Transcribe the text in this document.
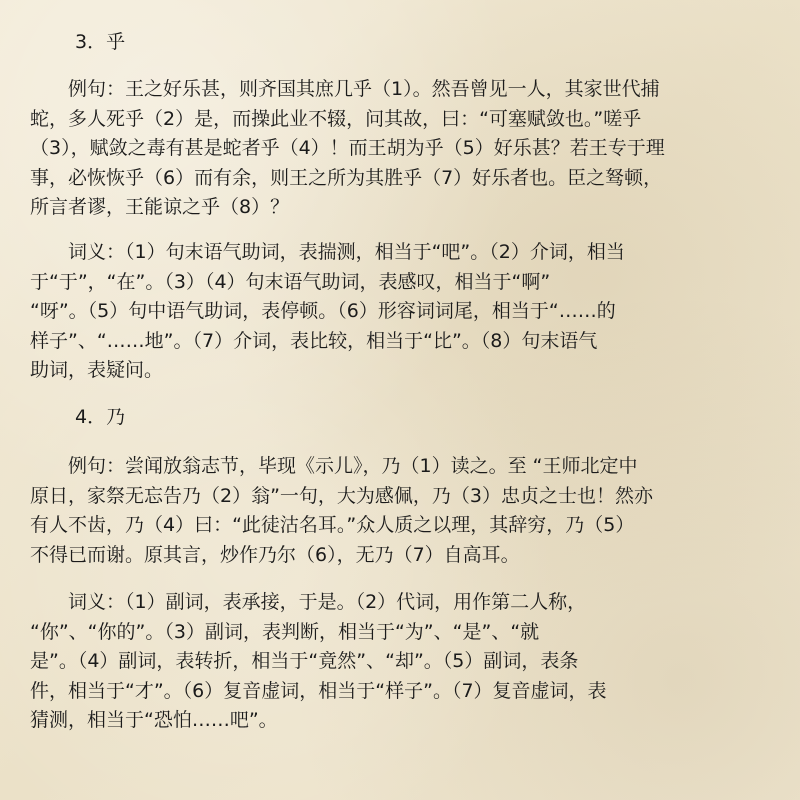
3．乎
　　例句：王之好乐甚，则齐国其庶几乎（1）。然吾曾见一人，其家世代捕
蛇，多人死乎（2）是，而操此业不辍，问其故，曰：“可塞赋敛也。”嗟乎
（3），赋敛之毒有甚是蛇者乎（4）！而王胡为乎（5）好乐甚？若王专于理
事，必恢恢乎（6）而有余，则王之所为其胜乎（7）好乐者也。臣之驽顿，
所言者谬，王能谅之乎（8）？
　　词义：（1）句末语气助词，表揣测，相当于“吧”。（2）介词，相当
于“于”，“在”。（3）（4）句末语气助词，表感叹，相当于“啊”
“呀”。（5）句中语气助词，表停顿。（6）形容词词尾，相当于“……的
样子”、“……地”。（7）介词，表比较，相当于“比”。（8）句末语气
助词，表疑问。
4．乃
　　例句：尝闻放翁志节，毕现《示儿》，乃（1）读之。至 “王师北定中
原日，家祭无忘告乃（2）翁”一句，大为感佩，乃（3）忠贞之士也！然亦
有人不齿，乃（4）曰：“此徒沽名耳。”众人质之以理，其辞穷，乃（5）
不得已而谢。原其言，炒作乃尔（6），无乃（7）自高耳。
　　词义：（1）副词，表承接，于是。（2）代词，用作第二人称，
“你”、“你的”。（3）副词，表判断，相当于“为”、“是”、“就
是”。（4）副词，表转折，相当于“竟然”、“却”。（5）副词，表条
件，相当于“才”。（6）复音虚词，相当于“样子”。（7）复音虚词，表
猜测，相当于“恐怕……吧”。
